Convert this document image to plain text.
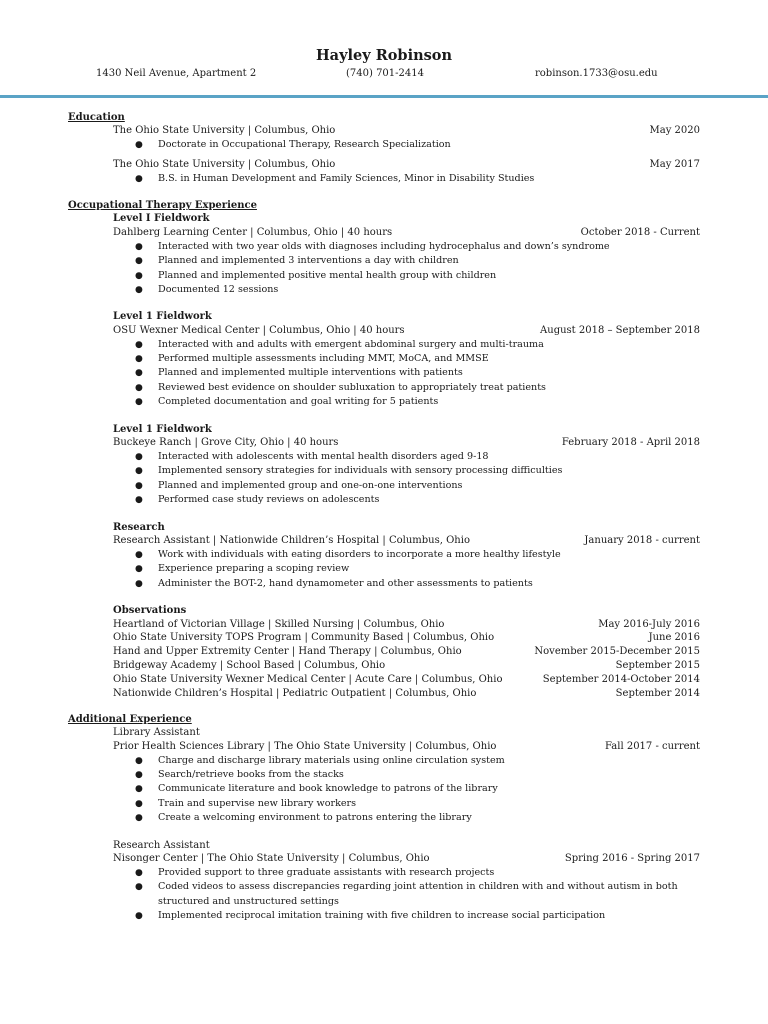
Hayley Robinson
1430 Neil Avenue, Apartment 2	(740) 701-2414	robinson.1733@osu.edu
Education
The Ohio State University | Columbus, Ohio	May 2020
● Doctorate in Occupational Therapy, Research Specialization
The Ohio State University | Columbus, Ohio	May 2017
● B.S. in Human Development and Family Sciences, Minor in Disability Studies
Occupational Therapy Experience
Level I Fieldwork
Dahlberg Learning Center | Columbus, Ohio | 40 hours	October 2018 - Current
● Interacted with two year olds with diagnoses including hydrocephalus and down’s syndrome
● Planned and implemented 3 interventions a day with children
● Planned and implemented positive mental health group with children
● Documented 12 sessions
Level 1 Fieldwork
OSU Wexner Medical Center | Columbus, Ohio | 40 hours	August 2018 – September 2018
● Interacted with and adults with emergent abdominal surgery and multi-trauma
● Performed multiple assessments including MMT, MoCA, and MMSE
● Planned and implemented multiple interventions with patients
● Reviewed best evidence on shoulder subluxation to appropriately treat patients
● Completed documentation and goal writing for 5 patients
Level 1 Fieldwork
Buckeye Ranch | Grove City, Ohio | 40 hours	February 2018 - April 2018
● Interacted with adolescents with mental health disorders aged 9-18
● Implemented sensory strategies for individuals with sensory processing difficulties
● Planned and implemented group and one-on-one interventions
● Performed case study reviews on adolescents
Research
Research Assistant | Nationwide Children’s Hospital | Columbus, Ohio	January 2018 - current
● Work with individuals with eating disorders to incorporate a more healthy lifestyle
● Experience preparing a scoping review
● Administer the BOT-2, hand dynamometer and other assessments to patients
Observations
Heartland of Victorian Village | Skilled Nursing | Columbus, Ohio	May 2016-July 2016
Ohio State University TOPS Program | Community Based | Columbus, Ohio	June 2016
Hand and Upper Extremity Center | Hand Therapy | Columbus, Ohio	November 2015-December 2015
Bridgeway Academy | School Based | Columbus, Ohio	September 2015
Ohio State University Wexner Medical Center | Acute Care | Columbus, Ohio	September 2014-October 2014
Nationwide Children’s Hospital | Pediatric Outpatient | Columbus, Ohio	September 2014
Additional Experience
Library Assistant
Prior Health Sciences Library | The Ohio State University | Columbus, Ohio	Fall 2017 - current
● Charge and discharge library materials using online circulation system
● Search/retrieve books from the stacks
● Communicate literature and book knowledge to patrons of the library
● Train and supervise new library workers
● Create a welcoming environment to patrons entering the library
Research Assistant
Nisonger Center | The Ohio State University | Columbus, Ohio	Spring 2016 - Spring 2017
● Provided support to three graduate assistants with research projects
● Coded videos to assess discrepancies regarding joint attention in children with and without autism in both structured and unstructured settings
● Implemented reciprocal imitation training with five children to increase social participation
